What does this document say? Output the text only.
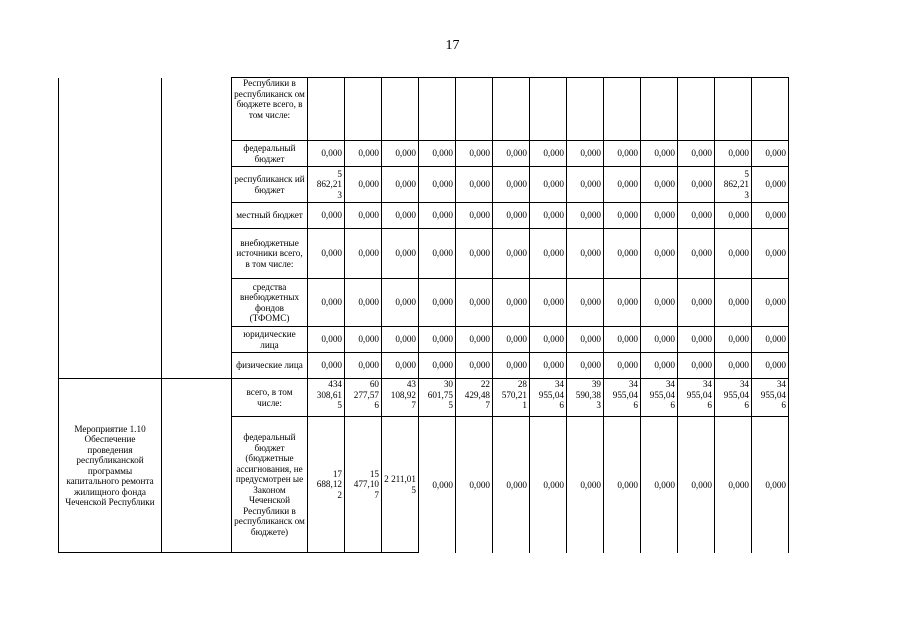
17
		Республики в республиканск ом бюджете всего, в том числе:													
		федеральный бюджет	0,000	0,000	0,000	0,000	0,000	0,000	0,000	0,000	0,000	0,000	0,000	0,000	0,000
		республиканск ий бюджет	5 862,21 3	0,000	0,000	0,000	0,000	0,000	0,000	0,000	0,000	0,000	0,000	5 862,21 3	0,000
		местный бюджет	0,000	0,000	0,000	0,000	0,000	0,000	0,000	0,000	0,000	0,000	0,000	0,000	0,000
		внебюджетные источники всего, в том числе:	0,000	0,000	0,000	0,000	0,000	0,000	0,000	0,000	0,000	0,000	0,000	0,000	0,000
		средства внебюджетных фондов (ТФОМС)	0,000	0,000	0,000	0,000	0,000	0,000	0,000	0,000	0,000	0,000	0,000	0,000	0,000
		юридические лица	0,000	0,000	0,000	0,000	0,000	0,000	0,000	0,000	0,000	0,000	0,000	0,000	0,000
		физические лица	0,000	0,000	0,000	0,000	0,000	0,000	0,000	0,000	0,000	0,000	0,000	0,000	0,000
Мероприятие 1.10 Обеспечение проведения республиканской программы капитального ремонта жилищного фонда Чеченской Республики		всего, в том числе:	434 308,61 5	60 277,57 6	43 108,92 7	30 601,75 5	22 429,48 7	28 570,21 1	34 955,04 6	39 590,38 3	34 955,04 6	34 955,04 6	34 955,04 6	34 955,04 6	34 955,04 6
		федеральный бюджет (бюджетные ассигнования, не предусмотрен ые Законом Чеченской Республики в республиканск ом бюджете)	17 688,12 2	15 477,10 7	2 211,01 5	0,000	0,000	0,000	0,000	0,000	0,000	0,000	0,000	0,000	0,000
